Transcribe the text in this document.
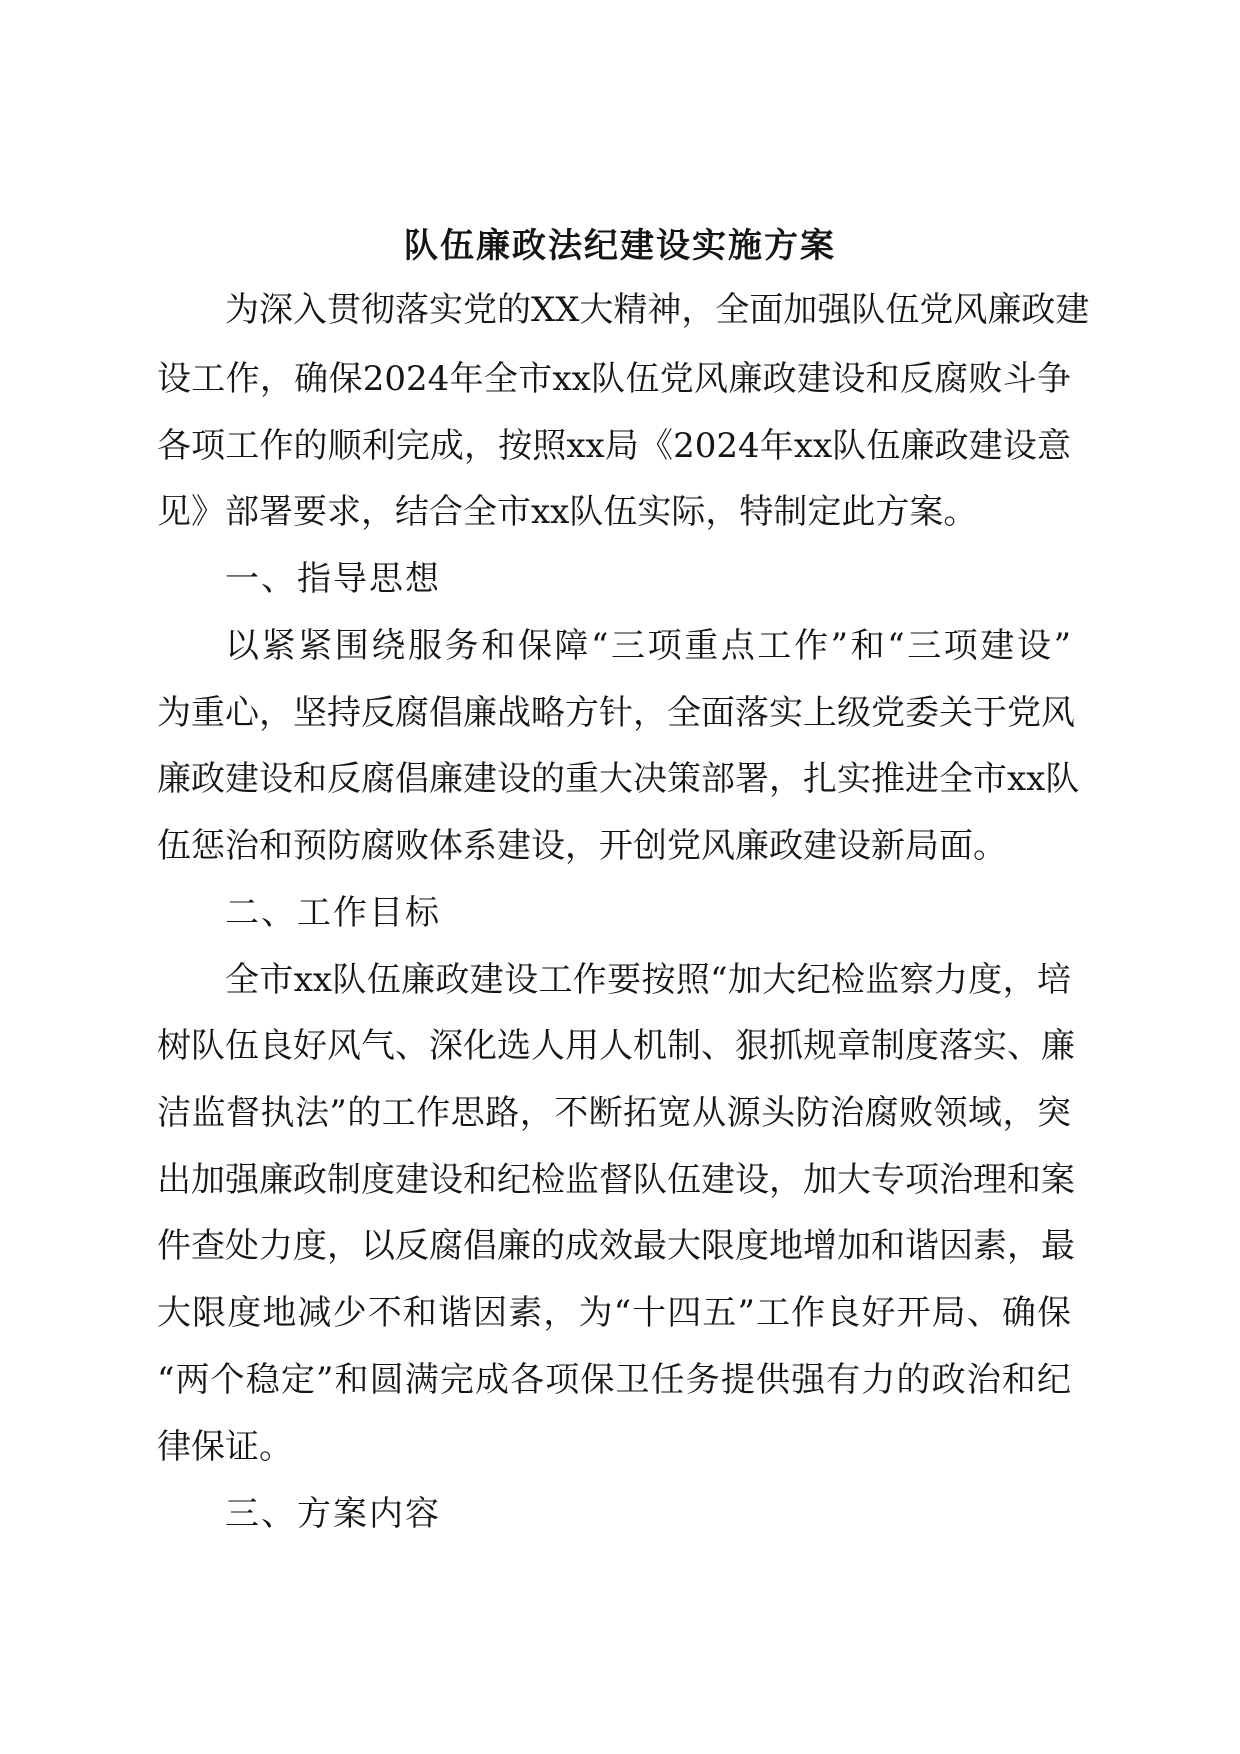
队伍廉政法纪建设实施方案

为深入贯彻落实党的XX大精神，全面加强队伍党风廉政建

设工作，确保2024年全市xx队伍党风廉政建设和反腐败斗争

各项工作的顺利完成，按照xx局《2024年xx队伍廉政建设意

见》部署要求，结合全市xx队伍实际，特制定此方案。

一、指导思想

以紧紧围绕服务和保障“三项重点工作”和“三项建设”

为重心，坚持反腐倡廉战略方针，全面落实上级党委关于党风

廉政建设和反腐倡廉建设的重大决策部署，扎实推进全市xx队

伍惩治和预防腐败体系建设，开创党风廉政建设新局面。

二、工作目标

全市xx队伍廉政建设工作要按照“加大纪检监察力度，培

树队伍良好风气、深化选人用人机制、狠抓规章制度落实、廉

洁监督执法”的工作思路，不断拓宽从源头防治腐败领域，突

出加强廉政制度建设和纪检监督队伍建设，加大专项治理和案

件查处力度，以反腐倡廉的成效最大限度地增加和谐因素，最

大限度地减少不和谐因素，为“十四五”工作良好开局、确保

“两个稳定”和圆满完成各项保卫任务提供强有力的政治和纪

律保证。

三、方案内容
